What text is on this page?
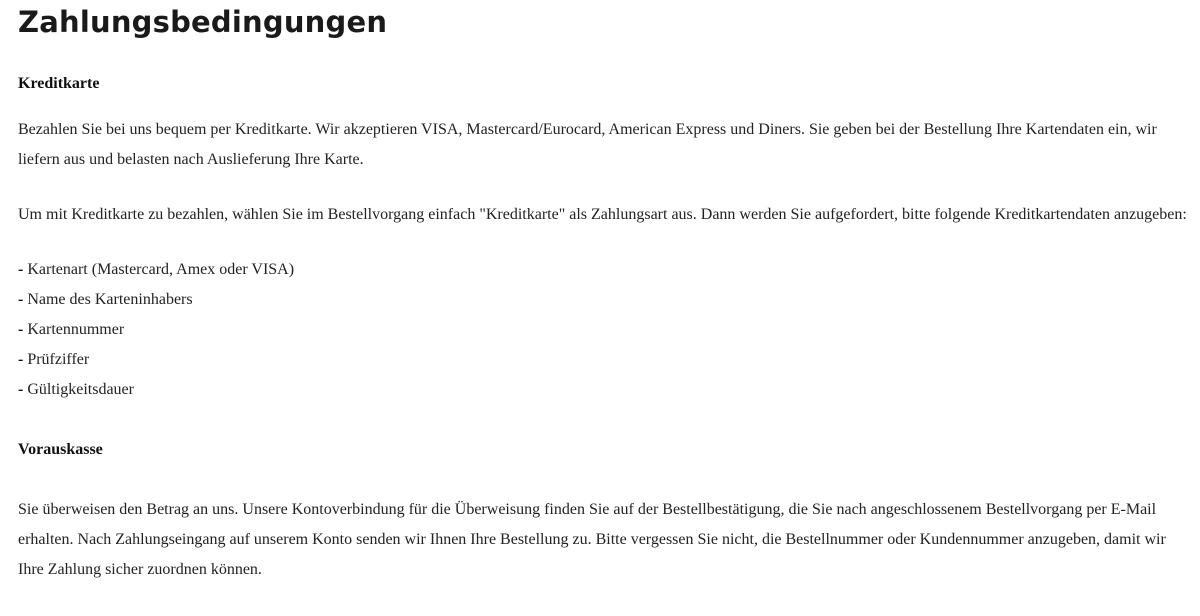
Zahlungsbedingungen
Kreditkarte

Bezahlen Sie bei uns bequem per Kreditkarte. Wir akzeptieren VISA, Mastercard/Eurocard, American Express und Diners. Sie geben bei der Bestellung Ihre Kartendaten ein, wir liefern aus und belasten nach Auslieferung Ihre Karte.

Um mit Kreditkarte zu bezahlen, wählen Sie im Bestellvorgang einfach "Kreditkarte" als Zahlungsart aus. Dann werden Sie aufgefordert, bitte folgende Kreditkartendaten anzugeben:

- Kartenart (Mastercard, Amex oder VISA)
- Name des Karteninhabers
- Kartennummer
- Prüfziffer
- Gültigkeitsdauer
Vorauskasse

Sie überweisen den Betrag an uns. Unsere Kontoverbindung für die Überweisung finden Sie auf der Bestellbestätigung, die Sie nach angeschlossenem Bestellvorgang per E-Mail erhalten. Nach Zahlungseingang auf unserem Konto senden wir Ihnen Ihre Bestellung zu. Bitte vergessen Sie nicht, die Bestellnummer oder Kundennummer anzugeben, damit wir Ihre Zahlung sicher zuordnen können.
